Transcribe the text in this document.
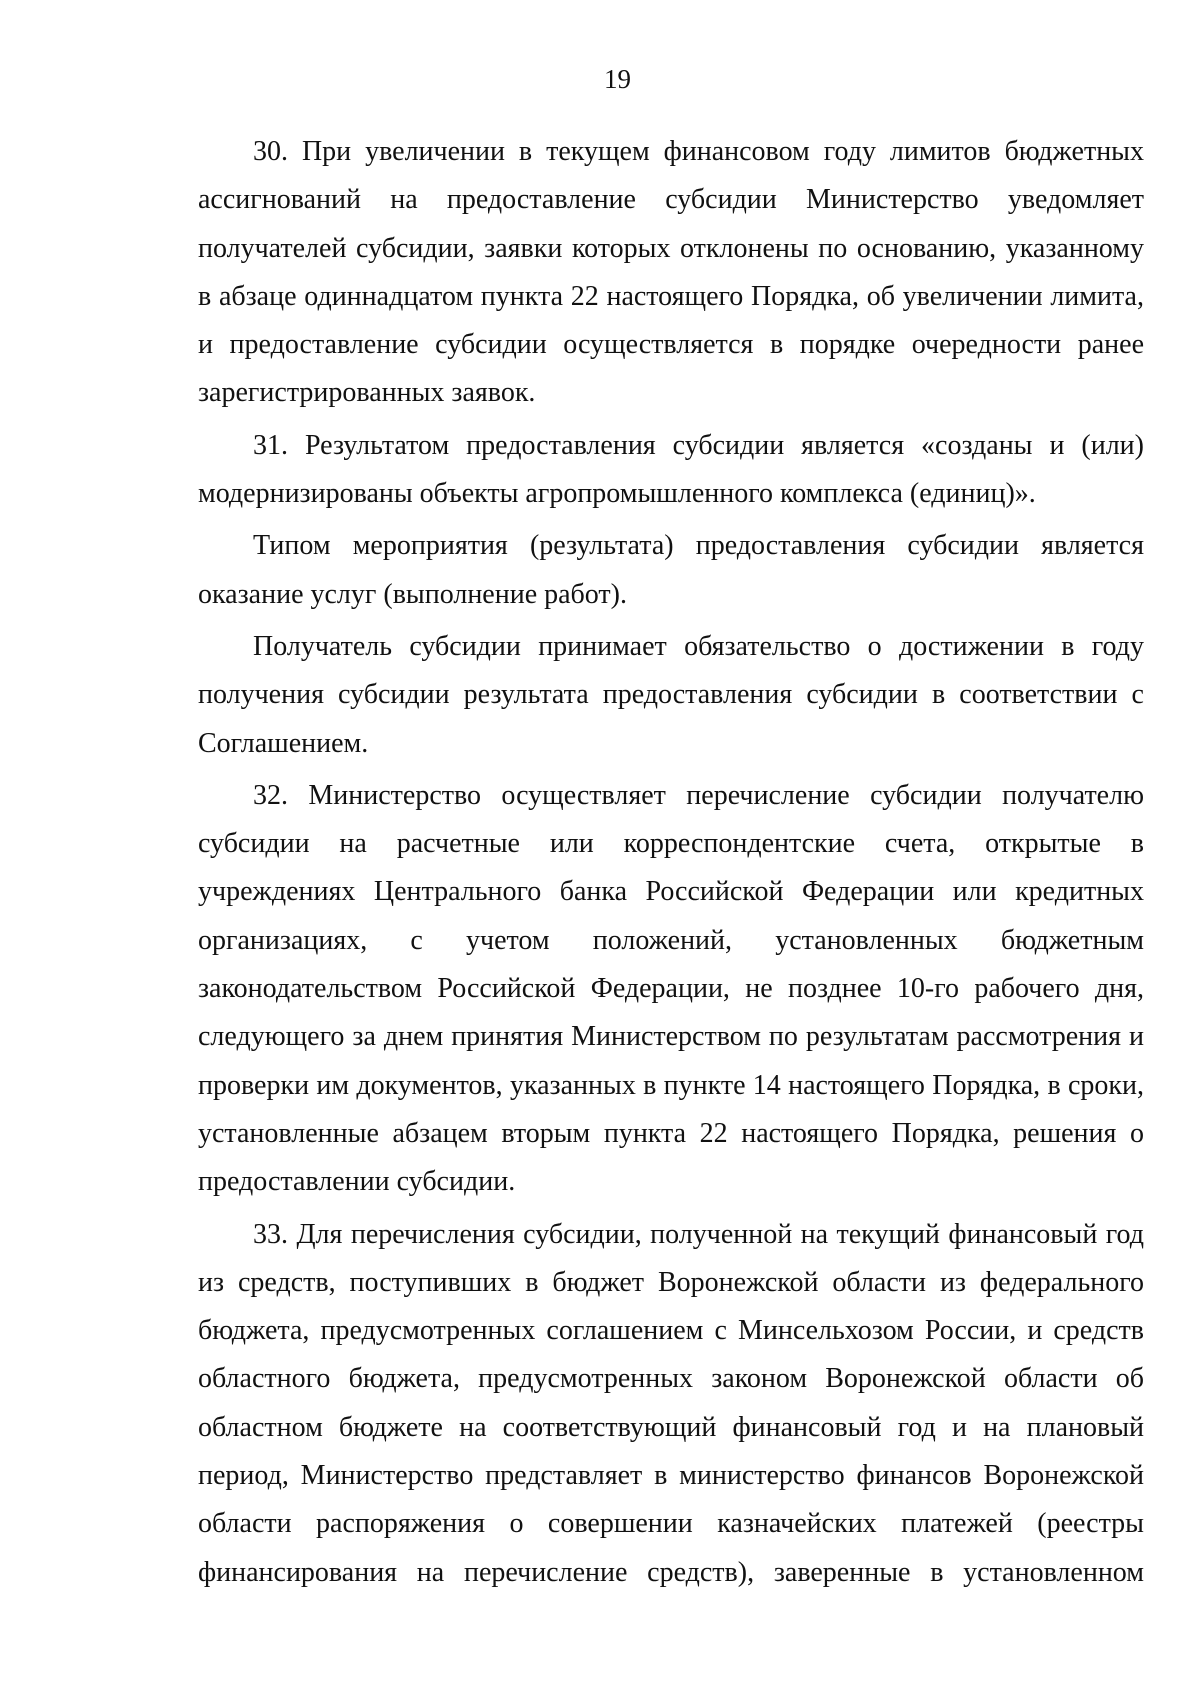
19

30. При увеличении в текущем финансовом году лимитов бюджетных ассигнований на предоставление субсидии Министерство уведомляет получателей субсидии, заявки которых отклонены по основанию, указанному в абзаце одиннадцатом пункта 22 настоящего Порядка, об увеличении лимита, и предоставление субсидии осуществляется в порядке очередности ранее зарегистрированных заявок.

31. Результатом предоставления субсидии является «созданы и (или) модернизированы объекты агропромышленного комплекса (единиц)».

Типом мероприятия (результата) предоставления субсидии является оказание услуг (выполнение работ).

Получатель субсидии принимает обязательство о достижении в году получения субсидии результата предоставления субсидии в соответствии с Соглашением.

32. Министерство осуществляет перечисление субсидии получателю субсидии на расчетные или корреспондентские счета, открытые в учреждениях Центрального банка Российской Федерации или кредитных организациях, с учетом положений, установленных бюджетным законодательством Российской Федерации, не позднее 10-го рабочего дня, следующего за днем принятия Министерством по результатам рассмотрения и проверки им документов, указанных в пункте 14 настоящего Порядка, в сроки, установленные абзацем вторым пункта 22 настоящего Порядка, решения о предоставлении субсидии.

33. Для перечисления субсидии, полученной на текущий финансовый год из средств, поступивших в бюджет Воронежской области из федерального бюджета, предусмотренных соглашением с Минсельхозом России, и средств областного бюджета, предусмотренных законом Воронежской области об областном бюджете на соответствующий финансовый год и на плановый период, Министерство представляет в министерство финансов Воронежской области распоряжения о совершении казначейских платежей (реестры финансирования на перечисление средств), заверенные в установленном
